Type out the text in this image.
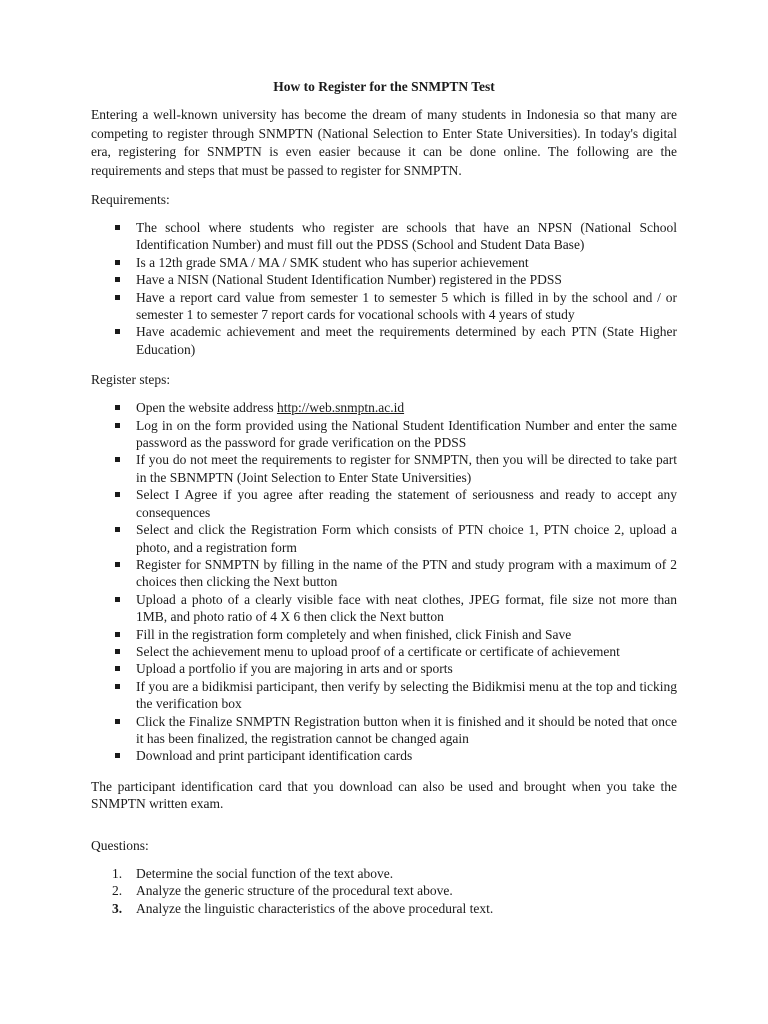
How to Register for the SNMPTN Test

Entering a well-known university has become the dream of many students in Indonesia so that many are competing to register through SNMPTN (National Selection to Enter State Universities). In today's digital era, registering for SNMPTN is even easier because it can be done online. The following are the requirements and steps that must be passed to register for SNMPTN.

Requirements:

The school where students who register are schools that have an NPSN (National School Identification Number) and must fill out the PDSS (School and Student Data Base)
Is a 12th grade SMA / MA / SMK student who has superior achievement
Have a NISN (National Student Identification Number) registered in the PDSS
Have a report card value from semester 1 to semester 5 which is filled in by the school and / or semester 1 to semester 7 report cards for vocational schools with 4 years of study
Have academic achievement and meet the requirements determined by each PTN (State Higher Education)

Register steps:

Open the website address http://web.snmptn.ac.id
Log in on the form provided using the National Student Identification Number and enter the same password as the password for grade verification on the PDSS
If you do not meet the requirements to register for SNMPTN, then you will be directed to take part in the SBNMPTN (Joint Selection to Enter State Universities)
Select I Agree if you agree after reading the statement of seriousness and ready to accept any consequences
Select and click the Registration Form which consists of PTN choice 1, PTN choice 2, upload a photo, and a registration form
Register for SNMPTN by filling in the name of the PTN and study program with a maximum of 2 choices then clicking the Next button
Upload a photo of a clearly visible face with neat clothes, JPEG format, file size not more than 1MB, and photo ratio of 4 X 6 then click the Next button
Fill in the registration form completely and when finished, click Finish and Save
Select the achievement menu to upload proof of a certificate or certificate of achievement
Upload a portfolio if you are majoring in arts and or sports
If you are a bidikmisi participant, then verify by selecting the Bidikmisi menu at the top and ticking the verification box
Click the Finalize SNMPTN Registration button when it is finished and it should be noted that once it has been finalized, the registration cannot be changed again
Download and print participant identification cards

The participant identification card that you download can also be used and brought when you take the SNMPTN written exam.

Questions:

1. Determine the social function of the text above.
2. Analyze the generic structure of the procedural text above.
3. Analyze the linguistic characteristics of the above procedural text.
